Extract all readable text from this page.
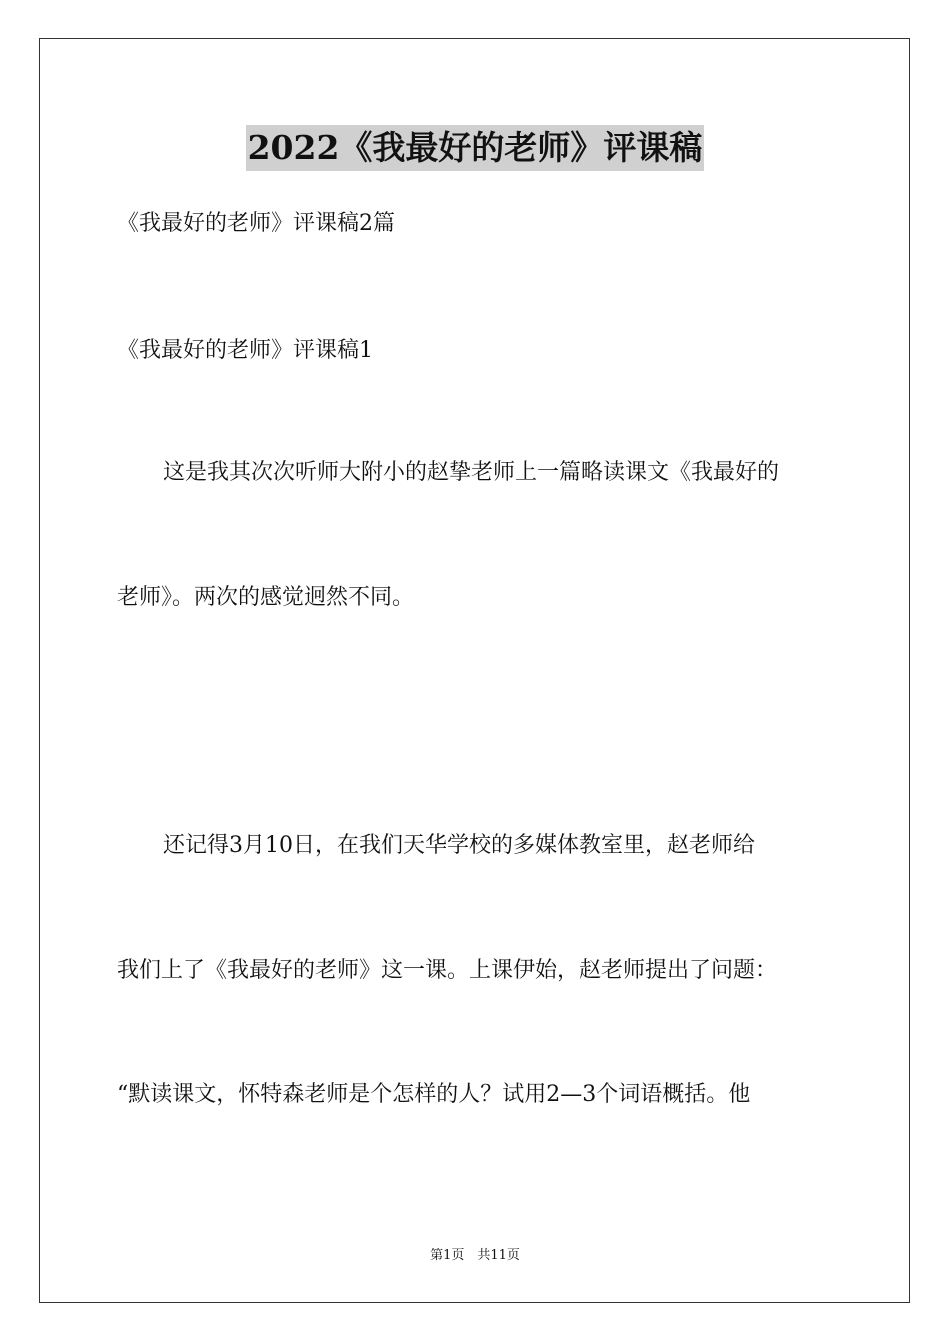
2022《我最好的老师》评课稿
《我最好的老师》评课稿2篇
《我最好的老师》评课稿1
这是我其次次听师大附小的赵挚老师上一篇略读课文《我最好的
老师》。两次的感觉迥然不同。
还记得3月10日，在我们天华学校的多媒体教室里，赵老师给
我们上了《我最好的老师》这一课。上课伊始，赵老师提出了问题：
“默读课文，怀特森老师是个怎样的人？试用2—3个词语概括。他
第1页　共11页
